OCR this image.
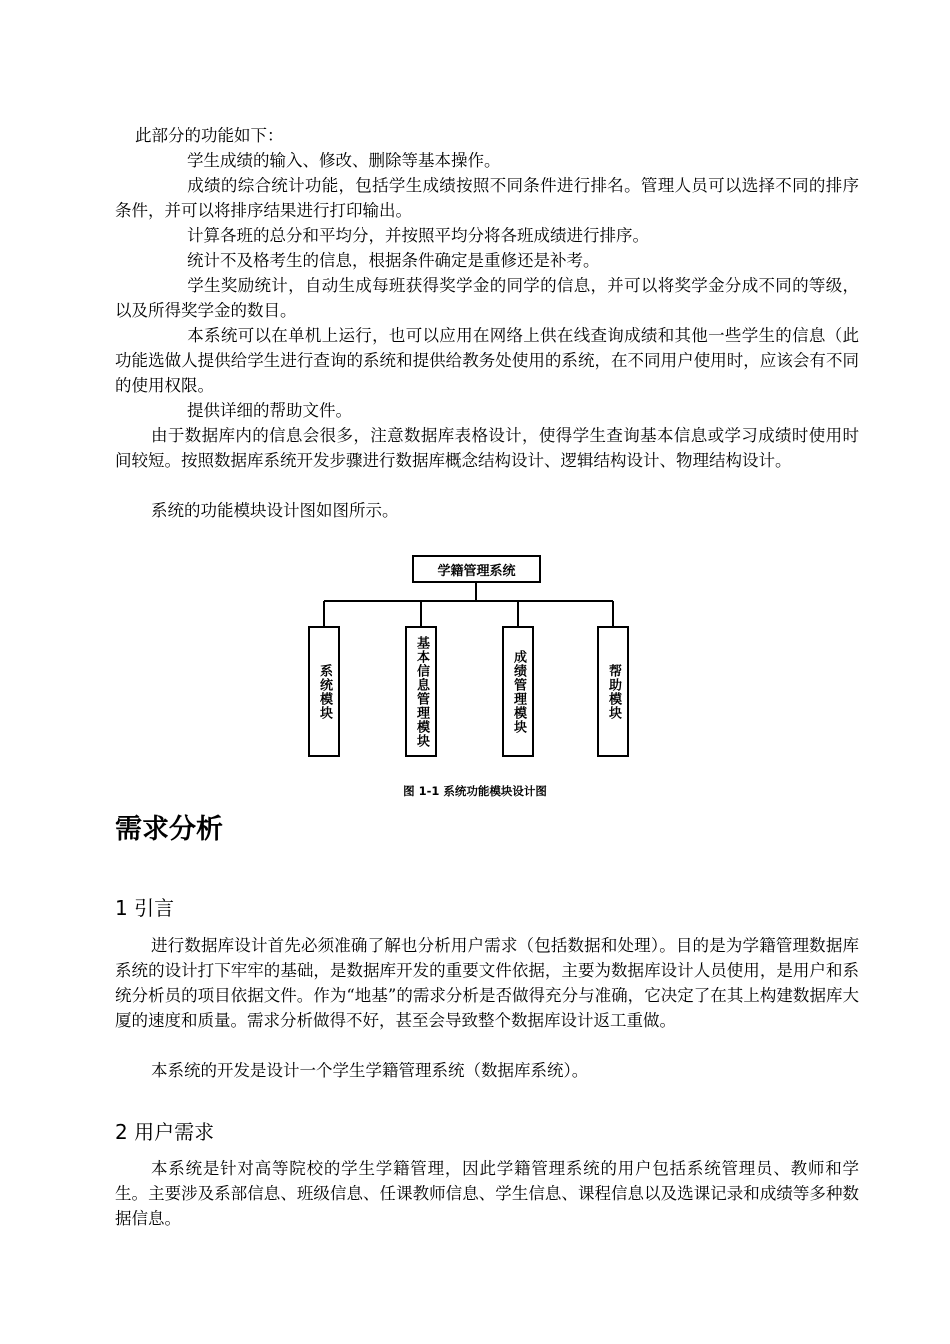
此部分的功能如下：

学生成绩的输入、修改、删除等基本操作。

成绩的综合统计功能，包括学生成绩按照不同条件进行排名。管理人员可以选择不同的排序条件，并可以将排序结果进行打印输出。

计算各班的总分和平均分，并按照平均分将各班成绩进行排序。

统计不及格考生的信息，根据条件确定是重修还是补考。

学生奖励统计，自动生成每班获得奖学金的同学的信息，并可以将奖学金分成不同的等级，以及所得奖学金的数目。

本系统可以在单机上运行，也可以应用在网络上供在线查询成绩和其他一些学生的信息（此功能选做人提供给学生进行查询的系统和提供给教务处使用的系统，在不同用户使用时，应该会有不同的使用权限。

提供详细的帮助文件。

由于数据库内的信息会很多，注意数据库表格设计，使得学生查询基本信息或学习成绩时使用时间较短。按照数据库系统开发步骤进行数据库概念结构设计、逻辑结构设计、物理结构设计。

系统的功能模块设计图如图所示。

学籍管理系统
系统模块	基本信息管理模块	成绩管理模块	帮助模块
图 1-1 系统功能模块设计图
需求分析
1 引言

进行数据库设计首先必须准确了解也分析用户需求（包括数据和处理）。目的是为学籍管理数据库系统的设计打下牢牢的基础，是数据库开发的重要文件依据，主要为数据库设计人员使用，是用户和系统分析员的项目依据文件。作为“地基”的需求分析是否做得充分与准确，它决定了在其上构建数据库大厦的速度和质量。需求分析做得不好，甚至会导致整个数据库设计返工重做。

本系统的开发是设计一个学生学籍管理系统（数据库系统）。

2 用户需求

本系统是针对高等院校的学生学籍管理，因此学籍管理系统的用户包括系统管理员、教师和学生。主要涉及系部信息、班级信息、任课教师信息、学生信息、课程信息以及选课记录和成绩等多种数据信息。
